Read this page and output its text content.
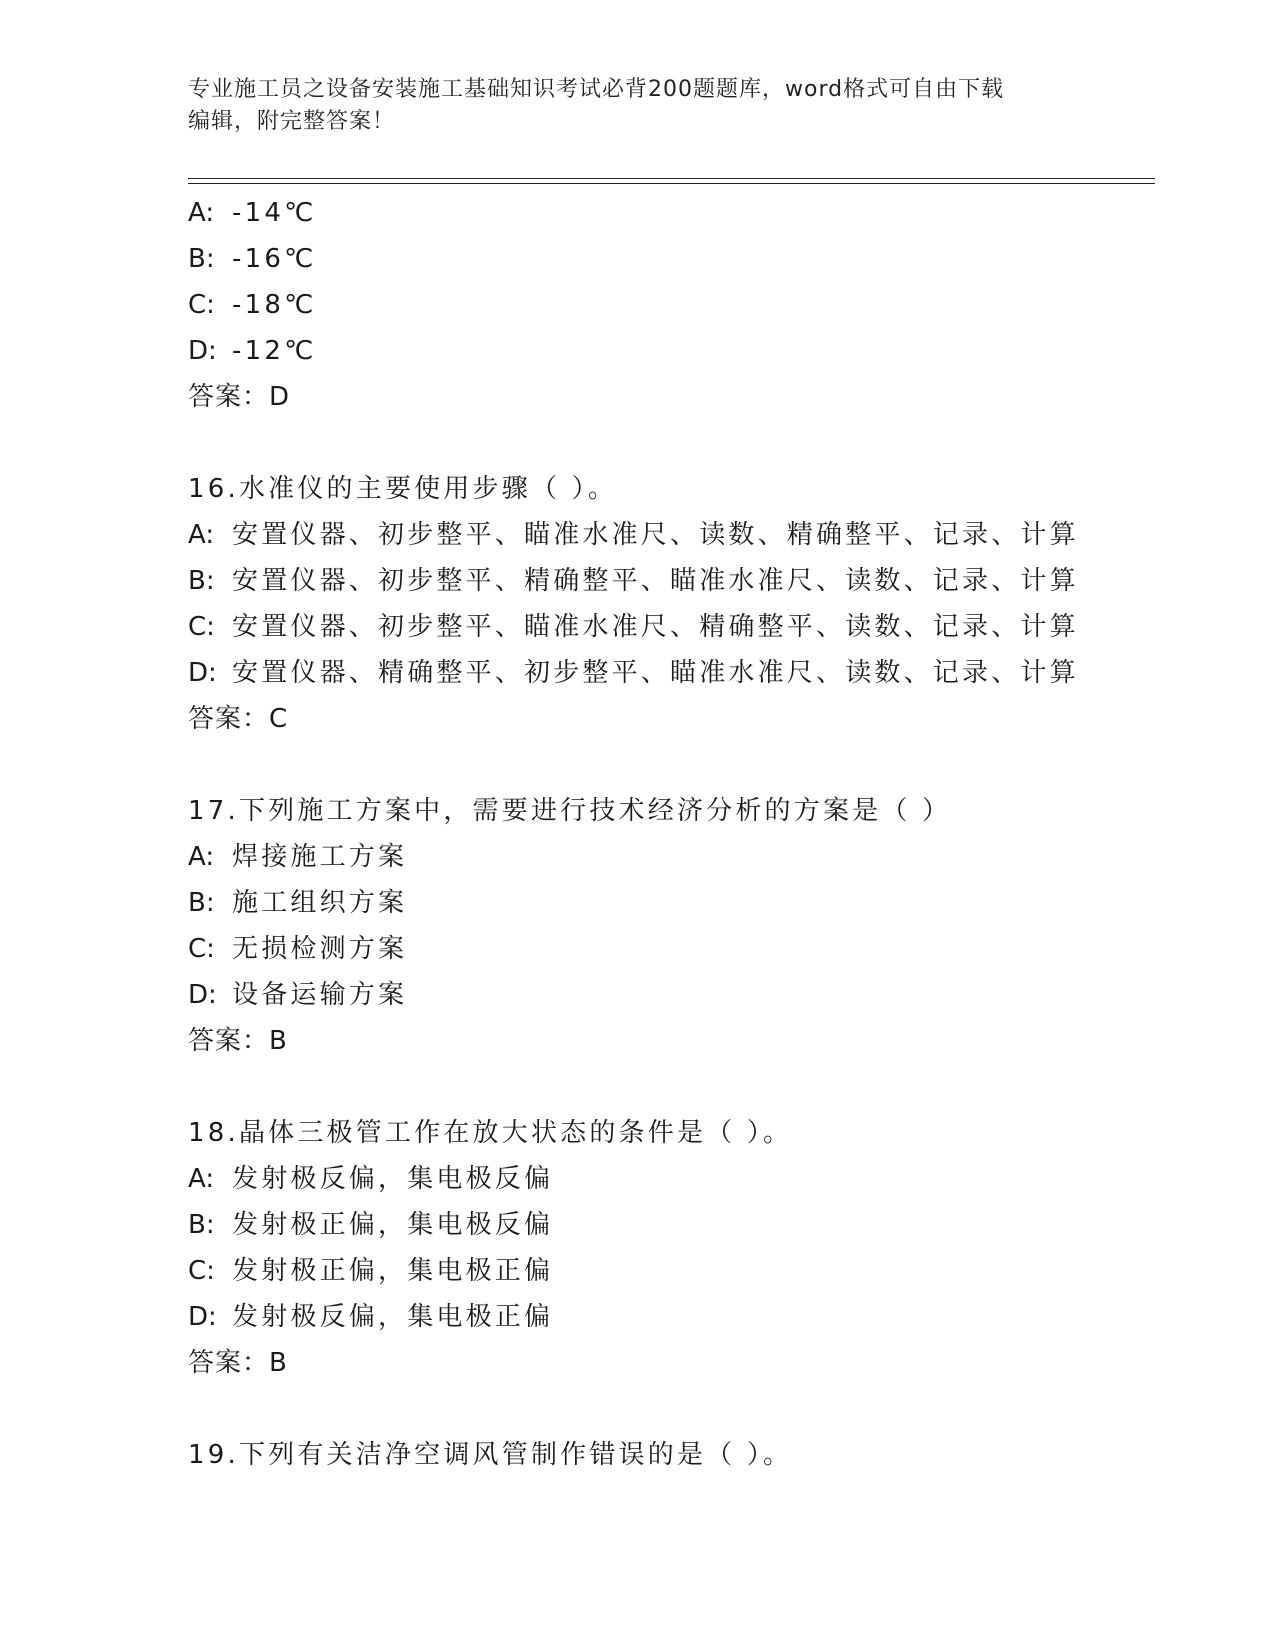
专业施工员之设备安装施工基础知识考试必背200题题库，word格式可自由下载
编辑，附完整答案！
A: -14℃
B: -16℃
C: -18℃
D: -12℃
答案：D
16.水准仪的主要使用步骤（ ）。
A: 安置仪器、初步整平、瞄准水准尺、读数、精确整平、记录、计算
B: 安置仪器、初步整平、精确整平、瞄准水准尺、读数、记录、计算
C: 安置仪器、初步整平、瞄准水准尺、精确整平、读数、记录、计算
D: 安置仪器、精确整平、初步整平、瞄准水准尺、读数、记录、计算
答案：C
17.下列施工方案中，需要进行技术经济分析的方案是（ ）
A: 焊接施工方案
B: 施工组织方案
C: 无损检测方案
D: 设备运输方案
答案：B
18.晶体三极管工作在放大状态的条件是（ ）。
A: 发射极反偏，集电极反偏
B: 发射极正偏，集电极反偏
C: 发射极正偏，集电极正偏
D: 发射极反偏，集电极正偏
答案：B
19.下列有关洁净空调风管制作错误的是（ ）。
